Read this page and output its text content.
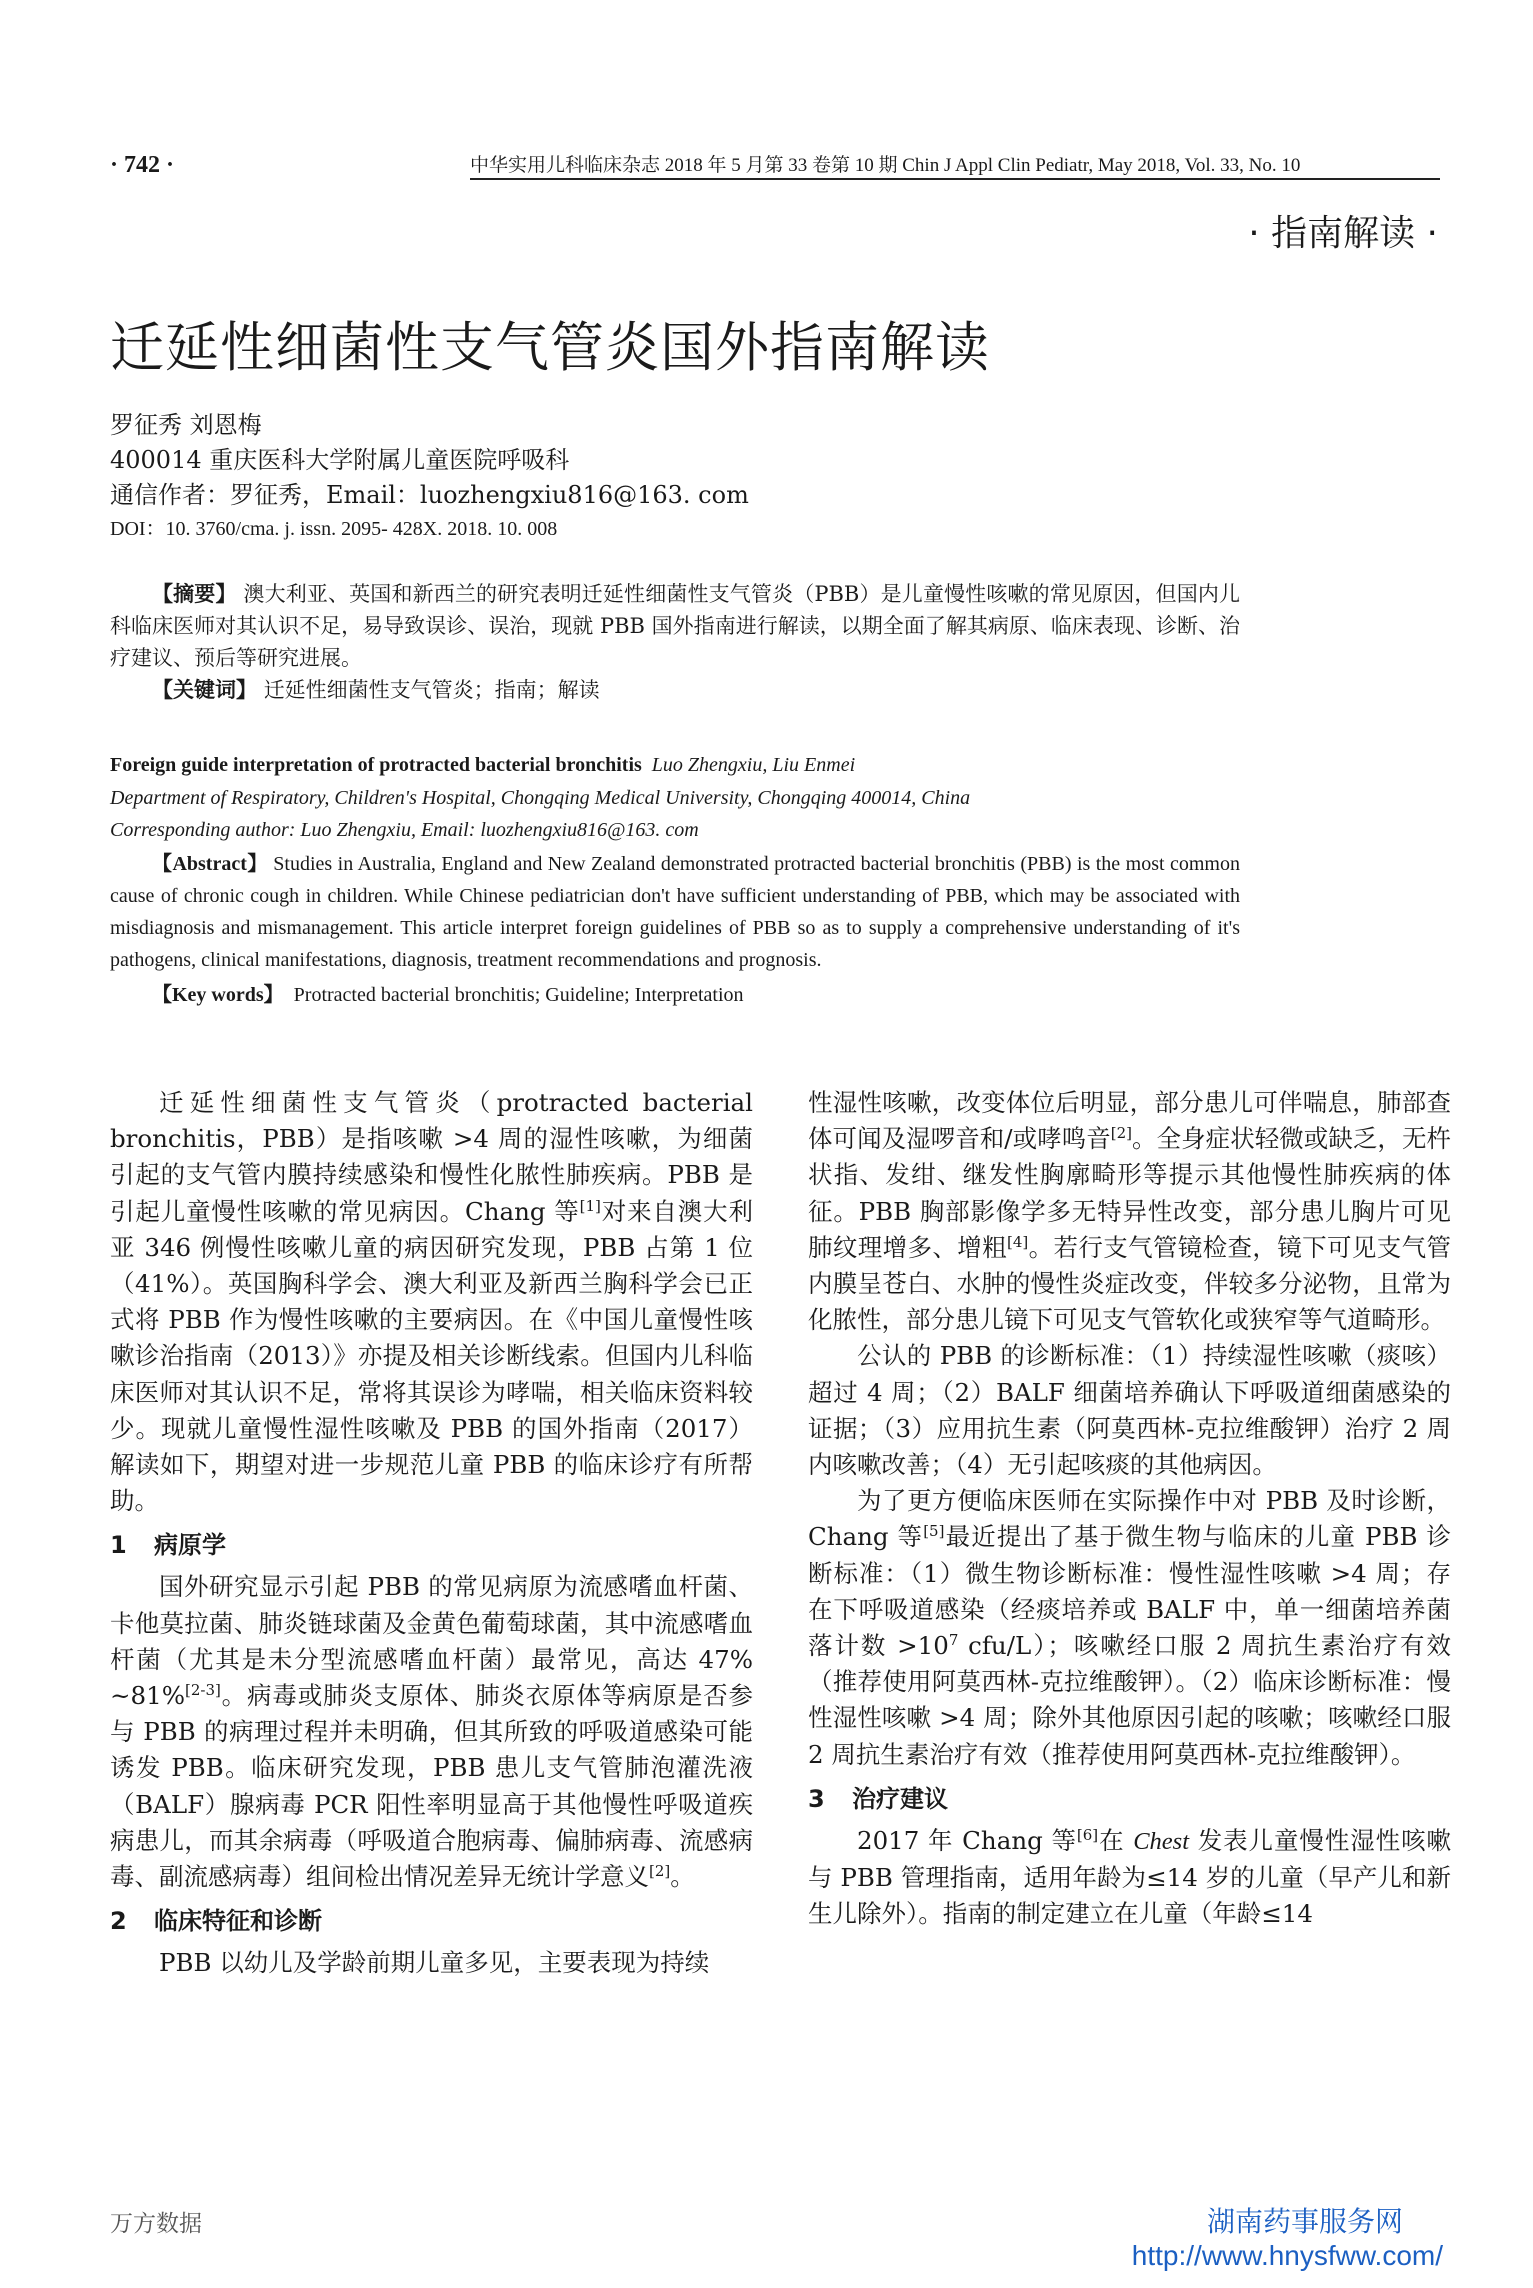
· 742 ·	中华实用儿科临床杂志 2018 年 5 月第 33 卷第 10 期 Chin J Appl Clin Pediatr, May 2018, Vol. 33, No. 10
· 指南解读 ·
迁延性细菌性支气管炎国外指南解读
罗征秀 刘恩梅
400014 重庆医科大学附属儿童医院呼吸科
通信作者：罗征秀，Email：luozhengxiu816@163. com
DOI：10. 3760/cma. j. issn. 2095- 428X. 2018. 10. 008
【摘要】 澳大利亚、英国和新西兰的研究表明迁延性细菌性支气管炎（PBB）是儿童慢性咳嗽的常见原因，但国内儿科临床医师对其认识不足，易导致误诊、误治，现就 PBB 国外指南进行解读，以期全面了解其病原、临床表现、诊断、治疗建议、预后等研究进展。
【关键词】 迁延性细菌性支气管炎；指南；解读
Foreign guide interpretation of protracted bacterial bronchitis Luo Zhengxiu, Liu Enmei
Department of Respiratory, Children's Hospital, Chongqing Medical University, Chongqing 400014, China
Corresponding author: Luo Zhengxiu, Email: luozhengxiu816@163. com
【Abstract】 Studies in Australia, England and New Zealand demonstrated protracted bacterial bronchitis (PBB) is the most common cause of chronic cough in children. While Chinese pediatrician don't have sufficient understanding of PBB, which may be associated with misdiagnosis and mismanagement. This article interpret foreign guidelines of PBB so as to supply a comprehensive understanding of it's pathogens, clinical manifestations, diagnosis, treatment recommendations and prognosis.
【Key words】 Protracted bacterial bronchitis; Guideline; Interpretation

迁延性细菌性支气管炎（protracted bacterial bronchitis，PBB）是指咳嗽 >4 周的湿性咳嗽，为细菌引起的支气管内膜持续感染和慢性化脓性肺疾病。PBB 是引起儿童慢性咳嗽的常见病因。Chang 等[1]对来自澳大利亚 346 例慢性咳嗽儿童的病因研究发现，PBB 占第 1 位（41%）。英国胸科学会、澳大利亚及新西兰胸科学会已正式将 PBB 作为慢性咳嗽的主要病因。在《中国儿童慢性咳嗽诊治指南（2013）》亦提及相关诊断线索。但国内儿科临床医师对其认识不足，常将其误诊为哮喘，相关临床资料较少。现就儿童慢性湿性咳嗽及 PBB 的国外指南（2017）解读如下，期望对进一步规范儿童 PBB 的临床诊疗有所帮助。

1 病原学

国外研究显示引起 PBB 的常见病原为流感嗜血杆菌、卡他莫拉菌、肺炎链球菌及金黄色葡萄球菌，其中流感嗜血杆菌（尤其是未分型流感嗜血杆菌）最常见，高达 47% ~81%[2-3]。病毒或肺炎支原体、肺炎衣原体等病原是否参与 PBB 的病理过程并未明确，但其所致的呼吸道感染可能诱发 PBB。临床研究发现，PBB 患儿支气管肺泡灌洗液（BALF）腺病毒 PCR 阳性率明显高于其他慢性呼吸道疾病患儿，而其余病毒（呼吸道合胞病毒、偏肺病毒、流感病毒、副流感病毒）组间检出情况差异无统计学意义[2]。

2 临床特征和诊断

PBB 以幼儿及学龄前期儿童多见，主要表现为持续

性湿性咳嗽，改变体位后明显，部分患儿可伴喘息，肺部查体可闻及湿啰音和/或哮鸣音[2]。全身症状轻微或缺乏，无杵状指、发绀、继发性胸廓畸形等提示其他慢性肺疾病的体征。PBB 胸部影像学多无特异性改变，部分患儿胸片可见肺纹理增多、增粗[4]。若行支气管镜检查，镜下可见支气管内膜呈苍白、水肿的慢性炎症改变，伴较多分泌物，且常为化脓性，部分患儿镜下可见支气管软化或狭窄等气道畸形。

公认的 PBB 的诊断标准：（1）持续湿性咳嗽（痰咳）超过 4 周；（2）BALF 细菌培养确认下呼吸道细菌感染的证据；（3）应用抗生素（阿莫西林-克拉维酸钾）治疗 2 周内咳嗽改善；（4）无引起咳痰的其他病因。

为了更方便临床医师在实际操作中对 PBB 及时诊断，Chang 等[5]最近提出了基于微生物与临床的儿童 PBB 诊断标准：（1）微生物诊断标准：慢性湿性咳嗽 >4 周；存在下呼吸道感染（经痰培养或 BALF 中，单一细菌培养菌落计数 $>10^7$ cfu/L）；咳嗽经口服 2 周抗生素治疗有效（推荐使用阿莫西林-克拉维酸钾）。（2）临床诊断标准：慢性湿性咳嗽 >4 周；除外其他原因引起的咳嗽；咳嗽经口服 2 周抗生素治疗有效（推荐使用阿莫西林-克拉维酸钾）。

3 治疗建议

2017 年 Chang 等[6]在 Chest 发表儿童慢性湿性咳嗽与 PBB 管理指南，适用年龄为≤14 岁的儿童（早产儿和新生儿除外）。指南的制定建立在儿童（年龄≤14

万方数据	湖南药事服务网
http://www.hnysfww.com/
